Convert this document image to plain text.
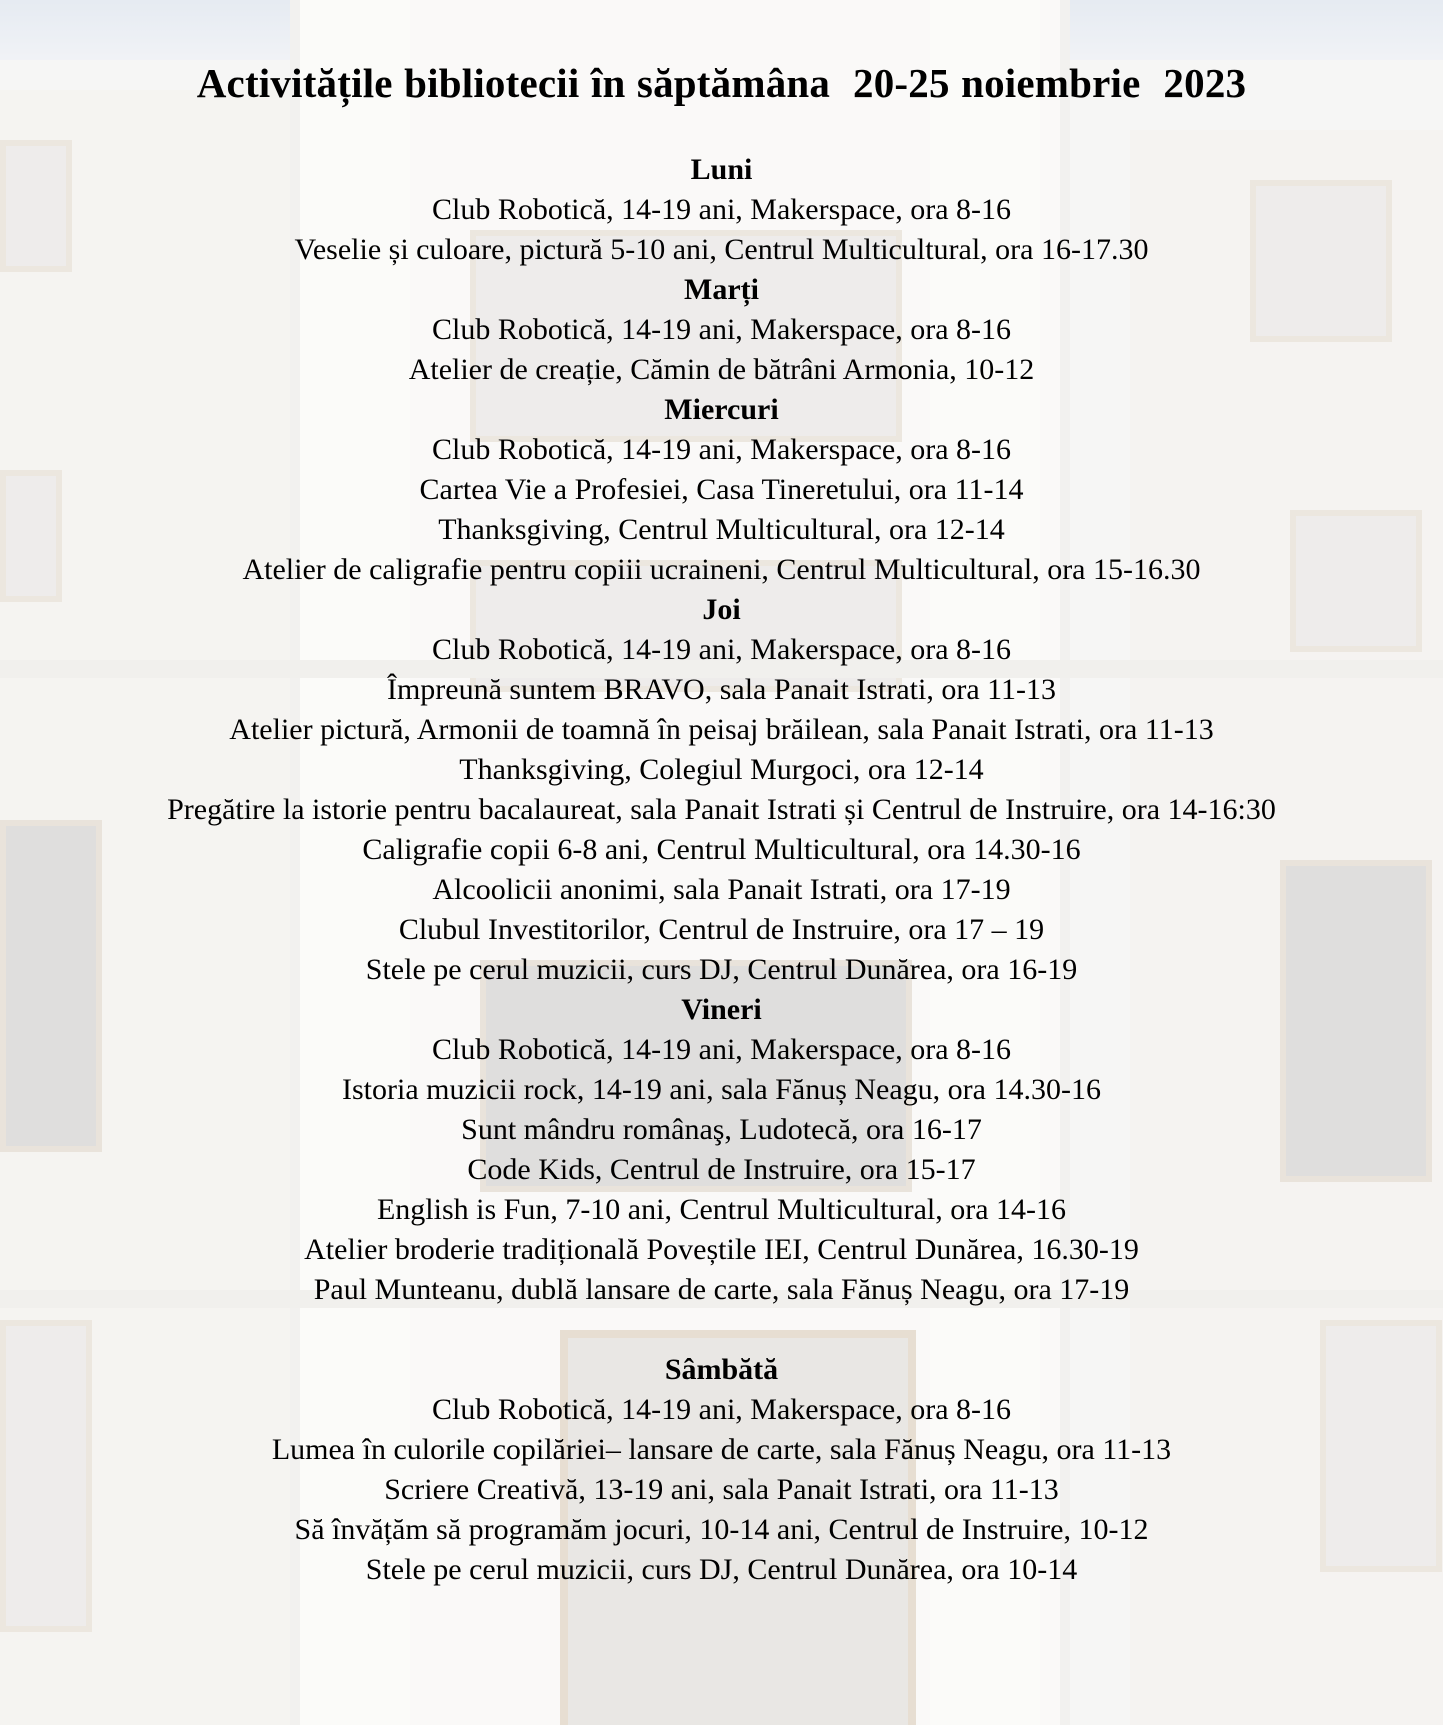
Activitățile bibliotecii în săptămâna  20-25 noiembrie  2023
Luni
Club Robotică, 14-19 ani, Makerspace, ora 8-16
Veselie și culoare, pictură 5-10 ani, Centrul Multicultural, ora 16-17.30
Marți
Club Robotică, 14-19 ani, Makerspace, ora 8-16
Atelier de creație, Cămin de bătrâni Armonia, 10-12
Miercuri
Club Robotică, 14-19 ani, Makerspace, ora 8-16
Cartea Vie a Profesiei, Casa Tineretului, ora 11-14
Thanksgiving, Centrul Multicultural, ora 12-14
Atelier de caligrafie pentru copiii ucraineni, Centrul Multicultural, ora 15-16.30
Joi
Club Robotică, 14-19 ani, Makerspace, ora 8-16
Împreună suntem BRAVO, sala Panait Istrati, ora 11-13
Atelier pictură, Armonii de toamnă în peisaj brăilean, sala Panait Istrati, ora 11-13
Thanksgiving, Colegiul Murgoci, ora 12-14
Pregătire la istorie pentru bacalaureat, sala Panait Istrati și Centrul de Instruire, ora 14-16:30
Caligrafie copii 6-8 ani, Centrul Multicultural, ora 14.30-16
Alcoolicii anonimi, sala Panait Istrati, ora 17-19
Clubul Investitorilor, Centrul de Instruire, ora 17 – 19
Stele pe cerul muzicii, curs DJ, Centrul Dunărea, ora 16-19
Vineri
Club Robotică, 14-19 ani, Makerspace, ora 8-16
Istoria muzicii rock, 14-19 ani, sala Fănuș Neagu, ora 14.30-16
Sunt mândru românaş, Ludotecă, ora 16-17
Code Kids, Centrul de Instruire, ora 15-17
English is Fun, 7-10 ani, Centrul Multicultural, ora 14-16
Atelier broderie tradițională Poveștile IEI, Centrul Dunărea, 16.30-19
Paul Munteanu, dublă lansare de carte, sala Fănuș Neagu, ora 17-19
Sâmbătă
Club Robotică, 14-19 ani, Makerspace, ora 8-16
Lumea în culorile copilăriei– lansare de carte, sala Fănuș Neagu, ora 11-13
Scriere Creativă, 13-19 ani, sala Panait Istrati, ora 11-13
Să învățăm să programăm jocuri, 10-14 ani, Centrul de Instruire, 10-12
Stele pe cerul muzicii, curs DJ, Centrul Dunărea, ora 10-14
